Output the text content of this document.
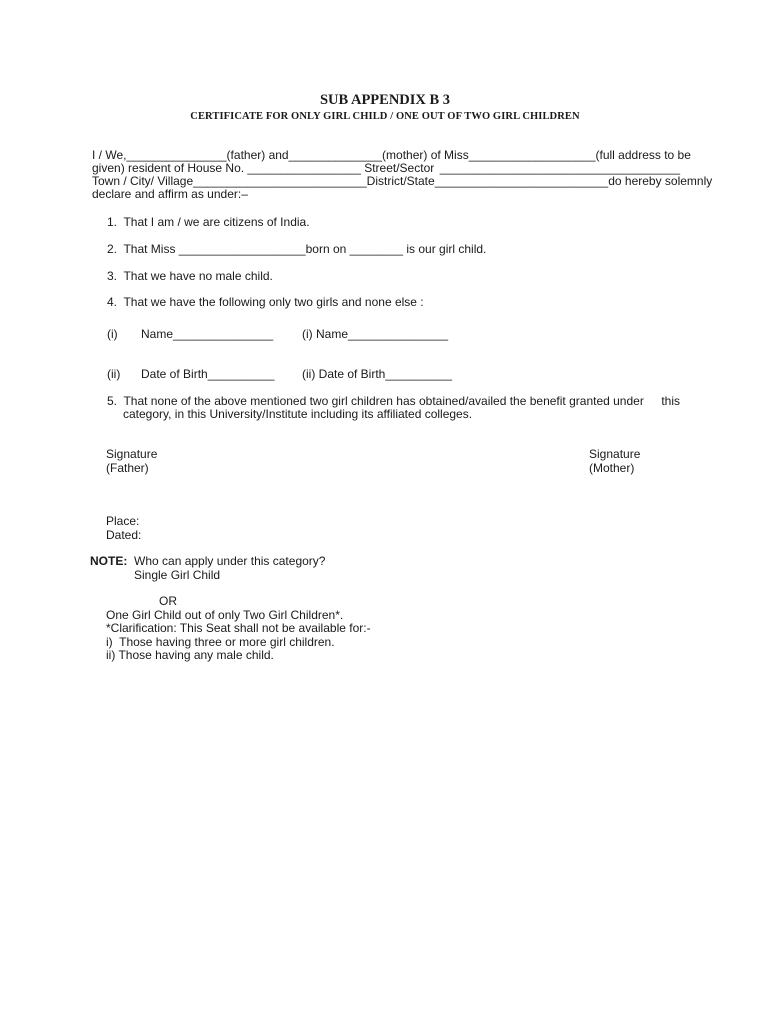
SUB APPENDIX B 3
CERTIFICATE FOR ONLY GIRL CHILD / ONE OUT OF TWO GIRL CHILDREN
I / We,_______________(father) and______________(mother) of Miss___________________ (full address to be
given) resident of House No. _________________ Street/Sector ____________________________________
Town / City/ Village__________________________District/State__________________________do hereby solemnly
declare and affirm as under:–
1.  That I am / we are citizens of India.
2.  That Miss ___________________born on ________ is our girl child.
3.  That we have no male child.
4.  That we have the following only two girls and none else :
(i) Name_______________ (i) Name_______________
(ii) Date of Birth__________ (ii) Date of Birth__________
5.  That none of the above mentioned two girl children has obtained/availed the benefit granted under this
category, in this University/Institute including its affiliated colleges.
Signature
(Father)
Signature
(Mother)
Place:
Dated:
NOTE: Who can apply under this category?
Single Girl Child
OR
One Girl Child out of only Two Girl Children*.
*Clarification: This Seat shall not be available for:-
i)  Those having three or more girl children.
ii) Those having any male child.
